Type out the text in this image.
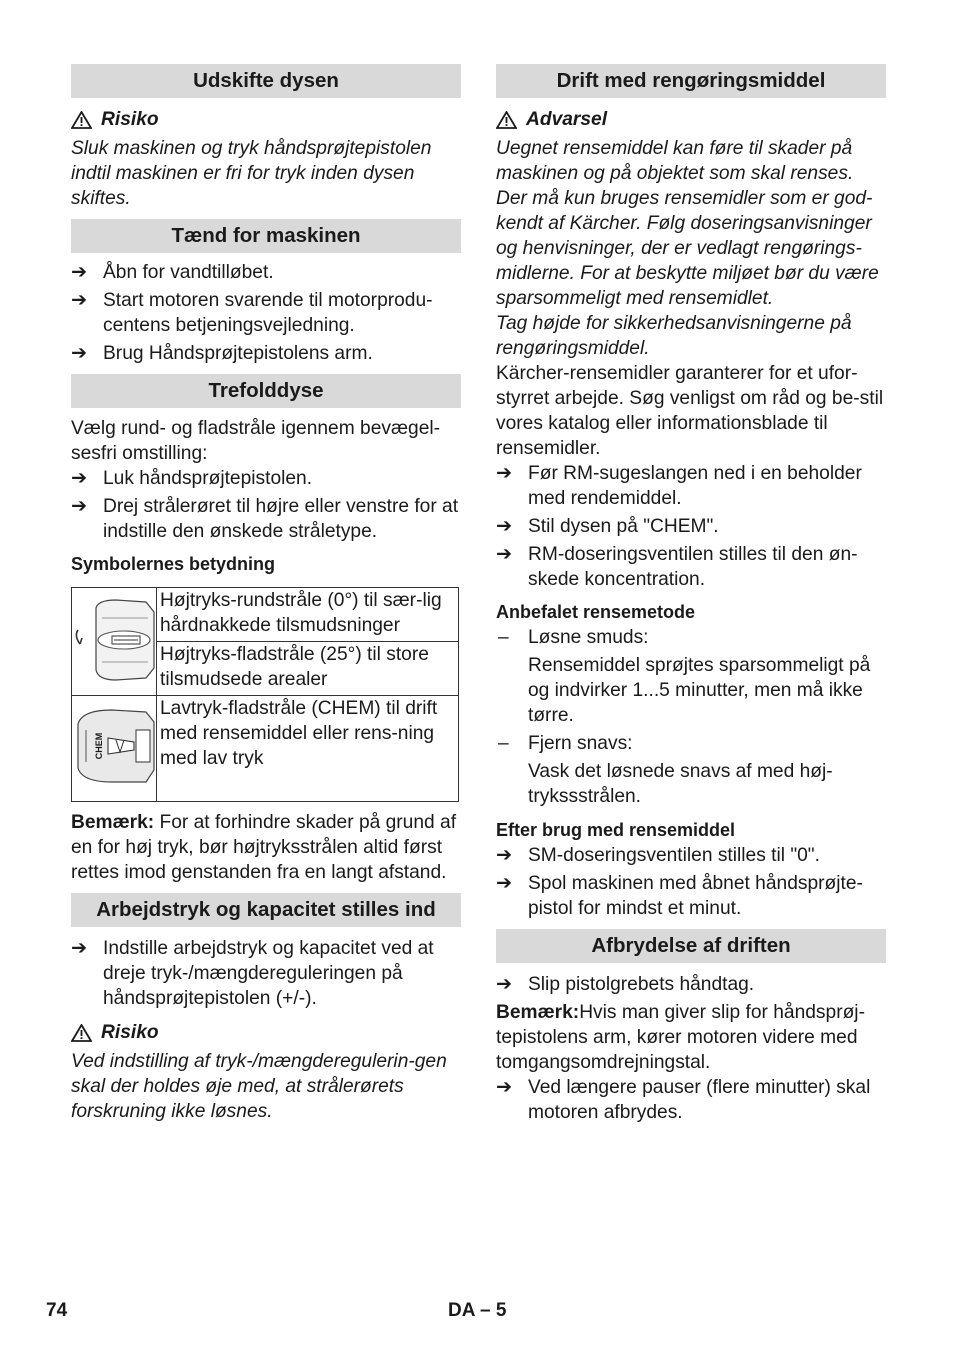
Udskifte dysen
Risiko

Sluk maskinen og tryk håndsprøjtepistolen indtil maskinen er fri for tryk inden dysen skiftes.

Tænd for maskinen
➔ Åbn for vandtilløbet.
➔ Start motoren svarende til motorprodu-centens betjeningsvejledning.
➔ Brug Håndsprøjtepistolens arm.
Trefolddyse

Vælg rund- og fladstråle igennem bevægel-sesfri omstilling:

➔ Luk håndsprøjtepistolen.
➔ Drej strålerøret til højre eller venstre for at indstille den ønskede stråletype.

Symbolernes betydning

	Højtryks-rundstråle (0°) til sær-lig hårdnakkede tilsmudsninger
	Højtryks-fladstråle (25°) til store tilsmudsede arealer

CHEM	Lavtryk-fladstråle (CHEM) til drift med rensemiddel eller rens-ning med lav tryk

Bemærk: For at forhindre skader på grund af en for høj tryk, bør højtryksstrålen altid først rettes imod genstanden fra en langt afstand.

Arbejdstryk og kapacitet stilles ind
➔ Indstille arbejdstryk og kapacitet ved at dreje tryk-/mængdereguleringen på håndsprøjtepistolen (+/-).
Risiko

Ved indstilling af tryk-/mængderegulerin-gen skal der holdes øje med, at strålerørets forskruning ikke løsnes.

Drift med rengøringsmiddel
Advarsel

Uegnet rensemiddel kan føre til skader på maskinen og på objektet som skal renses. Der må kun bruges rensemidler som er god-kendt af Kärcher. Følg doseringsanvisninger og henvisninger, der er vedlagt rengørings-midlerne. For at beskytte miljøet bør du være sparsommeligt med rensemidlet.

Tag højde for sikkerhedsanvisningerne på rengøringsmiddel.

Kärcher-rensemidler garanterer for et ufor-styrret arbejde. Søg venligst om råd og be-stil vores katalog eller informationsblade til rensemidler.

➔ Før RM-sugeslangen ned i en beholder med rendemiddel.
➔ Stil dysen på "CHEM".
➔ RM-doseringsventilen stilles til den øn-skede koncentration.

Anbefalet rensemetode

– Løsne smuds:

Rensemiddel sprøjtes sparsommeligt på og indvirker 1...5 minutter, men må ikke tørre.

– Fjern snavs:

Vask det løsnede snavs af med høj-trykssstrålen.

Efter brug med rensemiddel

➔ SM-doseringsventilen stilles til "0".
➔ Spol maskinen med åbnet håndsprøjte-pistol for mindst et minut.
Afbrydelse af driften
➔ Slip pistolgrebets håndtag.

Bemærk:Hvis man giver slip for håndsprøj-tepistolens arm, kører motoren videre med tomgangsomdrejningstal.

➔ Ved længere pauser (flere minutter) skal motoren afbrydes.
74	DA – 5
